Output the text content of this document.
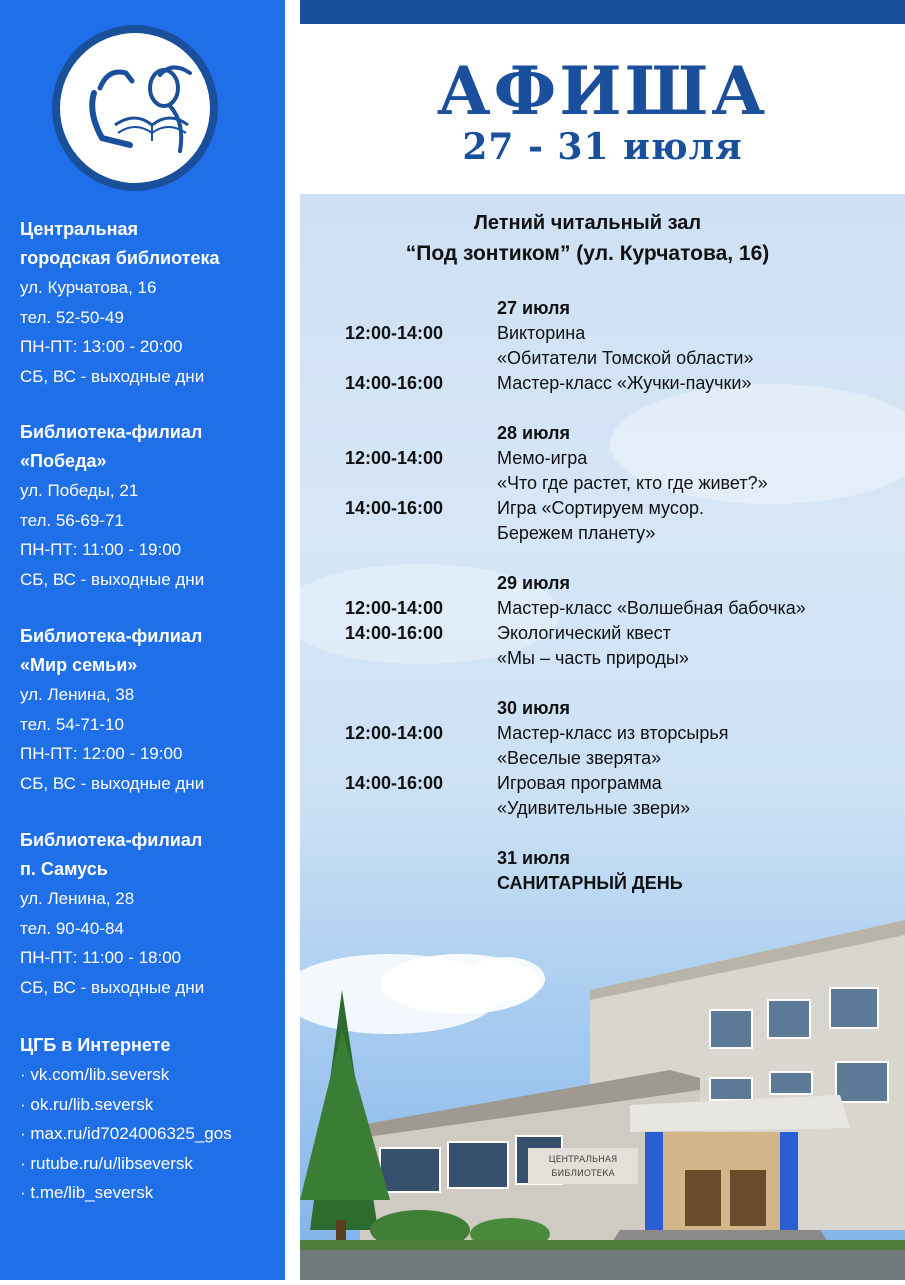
Центральная
городская библиотека
ул. Курчатова, 16
тел. 52-50-49
ПН-ПТ: 13:00 - 20:00
СБ, ВС - выходные дни
Библиотека-филиал
«Победа»
ул. Победы, 21
тел. 56-69-71
ПН-ПТ: 11:00 - 19:00
СБ, ВС - выходные дни
Библиотека-филиал
«Мир семьи»
ул. Ленина, 38
тел. 54-71-10
ПН-ПТ: 12:00 - 19:00
СБ, ВС - выходные дни
Библиотека-филиал
п. Самусь
ул. Ленина, 28
тел. 90-40-84
ПН-ПТ: 11:00 - 18:00
СБ, ВС - выходные дни
ЦГБ в Интернете
· vk.com/lib.seversk
· ok.ru/lib.seversk
· max.ru/id7024006325_gos
· rutube.ru/u/libseversk
· t.me/lib_seversk
АФИША
27 - 31 июля
Летний читальный зал
“Под зонтиком” (ул. Курчатова, 16)
27 июля
12:00-14:00	Викторина
«Обитатели Томской области»
14:00-16:00	Мастер-класс «Жучки-паучки»
28 июля
12:00-14:00	Мемо-игра
«Что где растет, кто где живет?»
14:00-16:00	Игра «Сортируем мусор.
Бережем планету»
29 июля
12:00-14:00	Мастер-класс «Волшебная бабочка»
14:00-16:00	Экологический квест
«Мы – часть природы»
30 июля
12:00-14:00	Мастер-класс из вторсырья
«Веселые зверята»
14:00-16:00	Игровая программа
«Удивительные звери»
31 июля
САНИТАРНЫЙ ДЕНЬ
ЦЕНТРАЛЬНАЯ
БИБЛИОТЕКА
